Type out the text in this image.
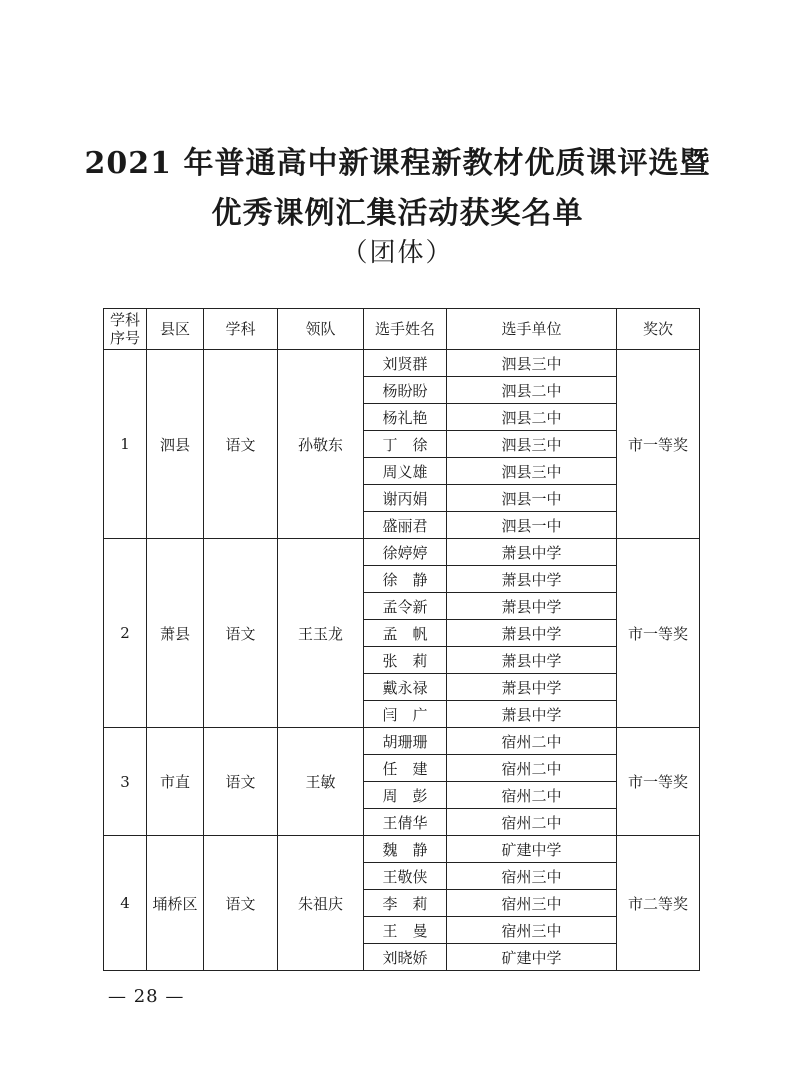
2021 年普通高中新课程新教材优质课评选暨
优秀课例汇集活动获奖名单
（团体）
学科序号	县区	学科	领队	选手姓名	选手单位	奖次
1	泗县	语文	孙敬东	刘贤群	泗县三中	市一等奖
				杨盼盼	泗县二中	
				杨礼艳	泗县二中	
				丁　徐	泗县三中	
				周义雄	泗县三中	
				谢丙娟	泗县一中	
				盛丽君	泗县一中	
2	萧县	语文	王玉龙	徐婷婷	萧县中学	市一等奖
				徐　静	萧县中学	
				孟令新	萧县中学	
				孟　帆	萧县中学	
				张　莉	萧县中学	
				戴永禄	萧县中学	
				闫　广	萧县中学	
3	市直	语文	王敏	胡珊珊	宿州二中	市一等奖
				任　建	宿州二中	
				周　彭	宿州二中	
				王倩华	宿州二中	
4	埇桥区	语文	朱祖庆	魏　静	矿建中学	市二等奖
				王敬侠	宿州三中	
				李　莉	宿州三中	
				王　曼	宿州三中	
				刘晓娇	矿建中学	
— 28 —
